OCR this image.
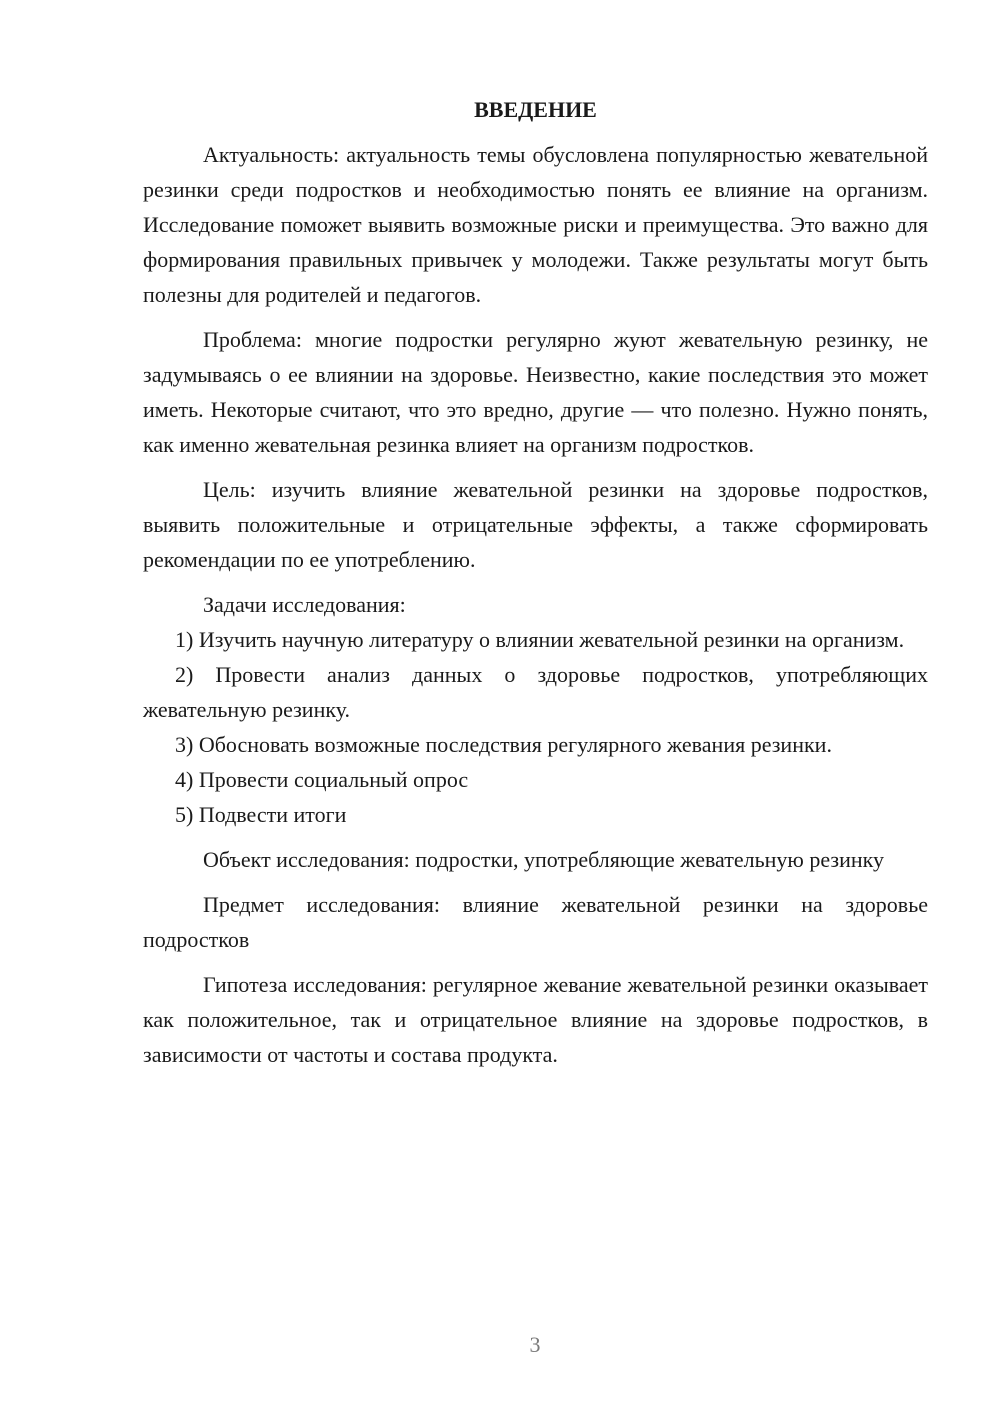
ВВЕДЕНИЕ

Актуальность: актуальность темы обусловлена популярностью жевательной резинки среди подростков и необходимостью понять ее влияние на организм. Исследование поможет выявить возможные риски и преимущества. Это важно для формирования правильных привычек у молодежи. Также результаты могут быть полезны для родителей и педагогов.

Проблема: многие подростки регулярно жуют жевательную резинку, не задумываясь о ее влиянии на здоровье. Неизвестно, какие последствия это может иметь. Некоторые считают, что это вредно, другие — что полезно. Нужно понять, как именно жевательная резинка влияет на организм подростков.

Цель: изучить влияние жевательной резинки на здоровье подростков, выявить положительные и отрицательные эффекты, а также сформировать рекомендации по ее употреблению.

Задачи исследования:

1) Изучить научную литературу о влиянии жевательной резинки на организм.

2) Провести анализ данных о здоровье подростков, употребляющих жевательную резинку.

3) Обосновать возможные последствия регулярного жевания резинки.

4) Провести социальный опрос

5) Подвести итоги

Объект исследования: подростки, употребляющие жевательную резинку

Предмет исследования: влияние жевательной резинки на здоровье подростков

Гипотеза исследования: регулярное жевание жевательной резинки оказывает как положительное, так и отрицательное влияние на здоровье подростков, в зависимости от частоты и состава продукта.

3
